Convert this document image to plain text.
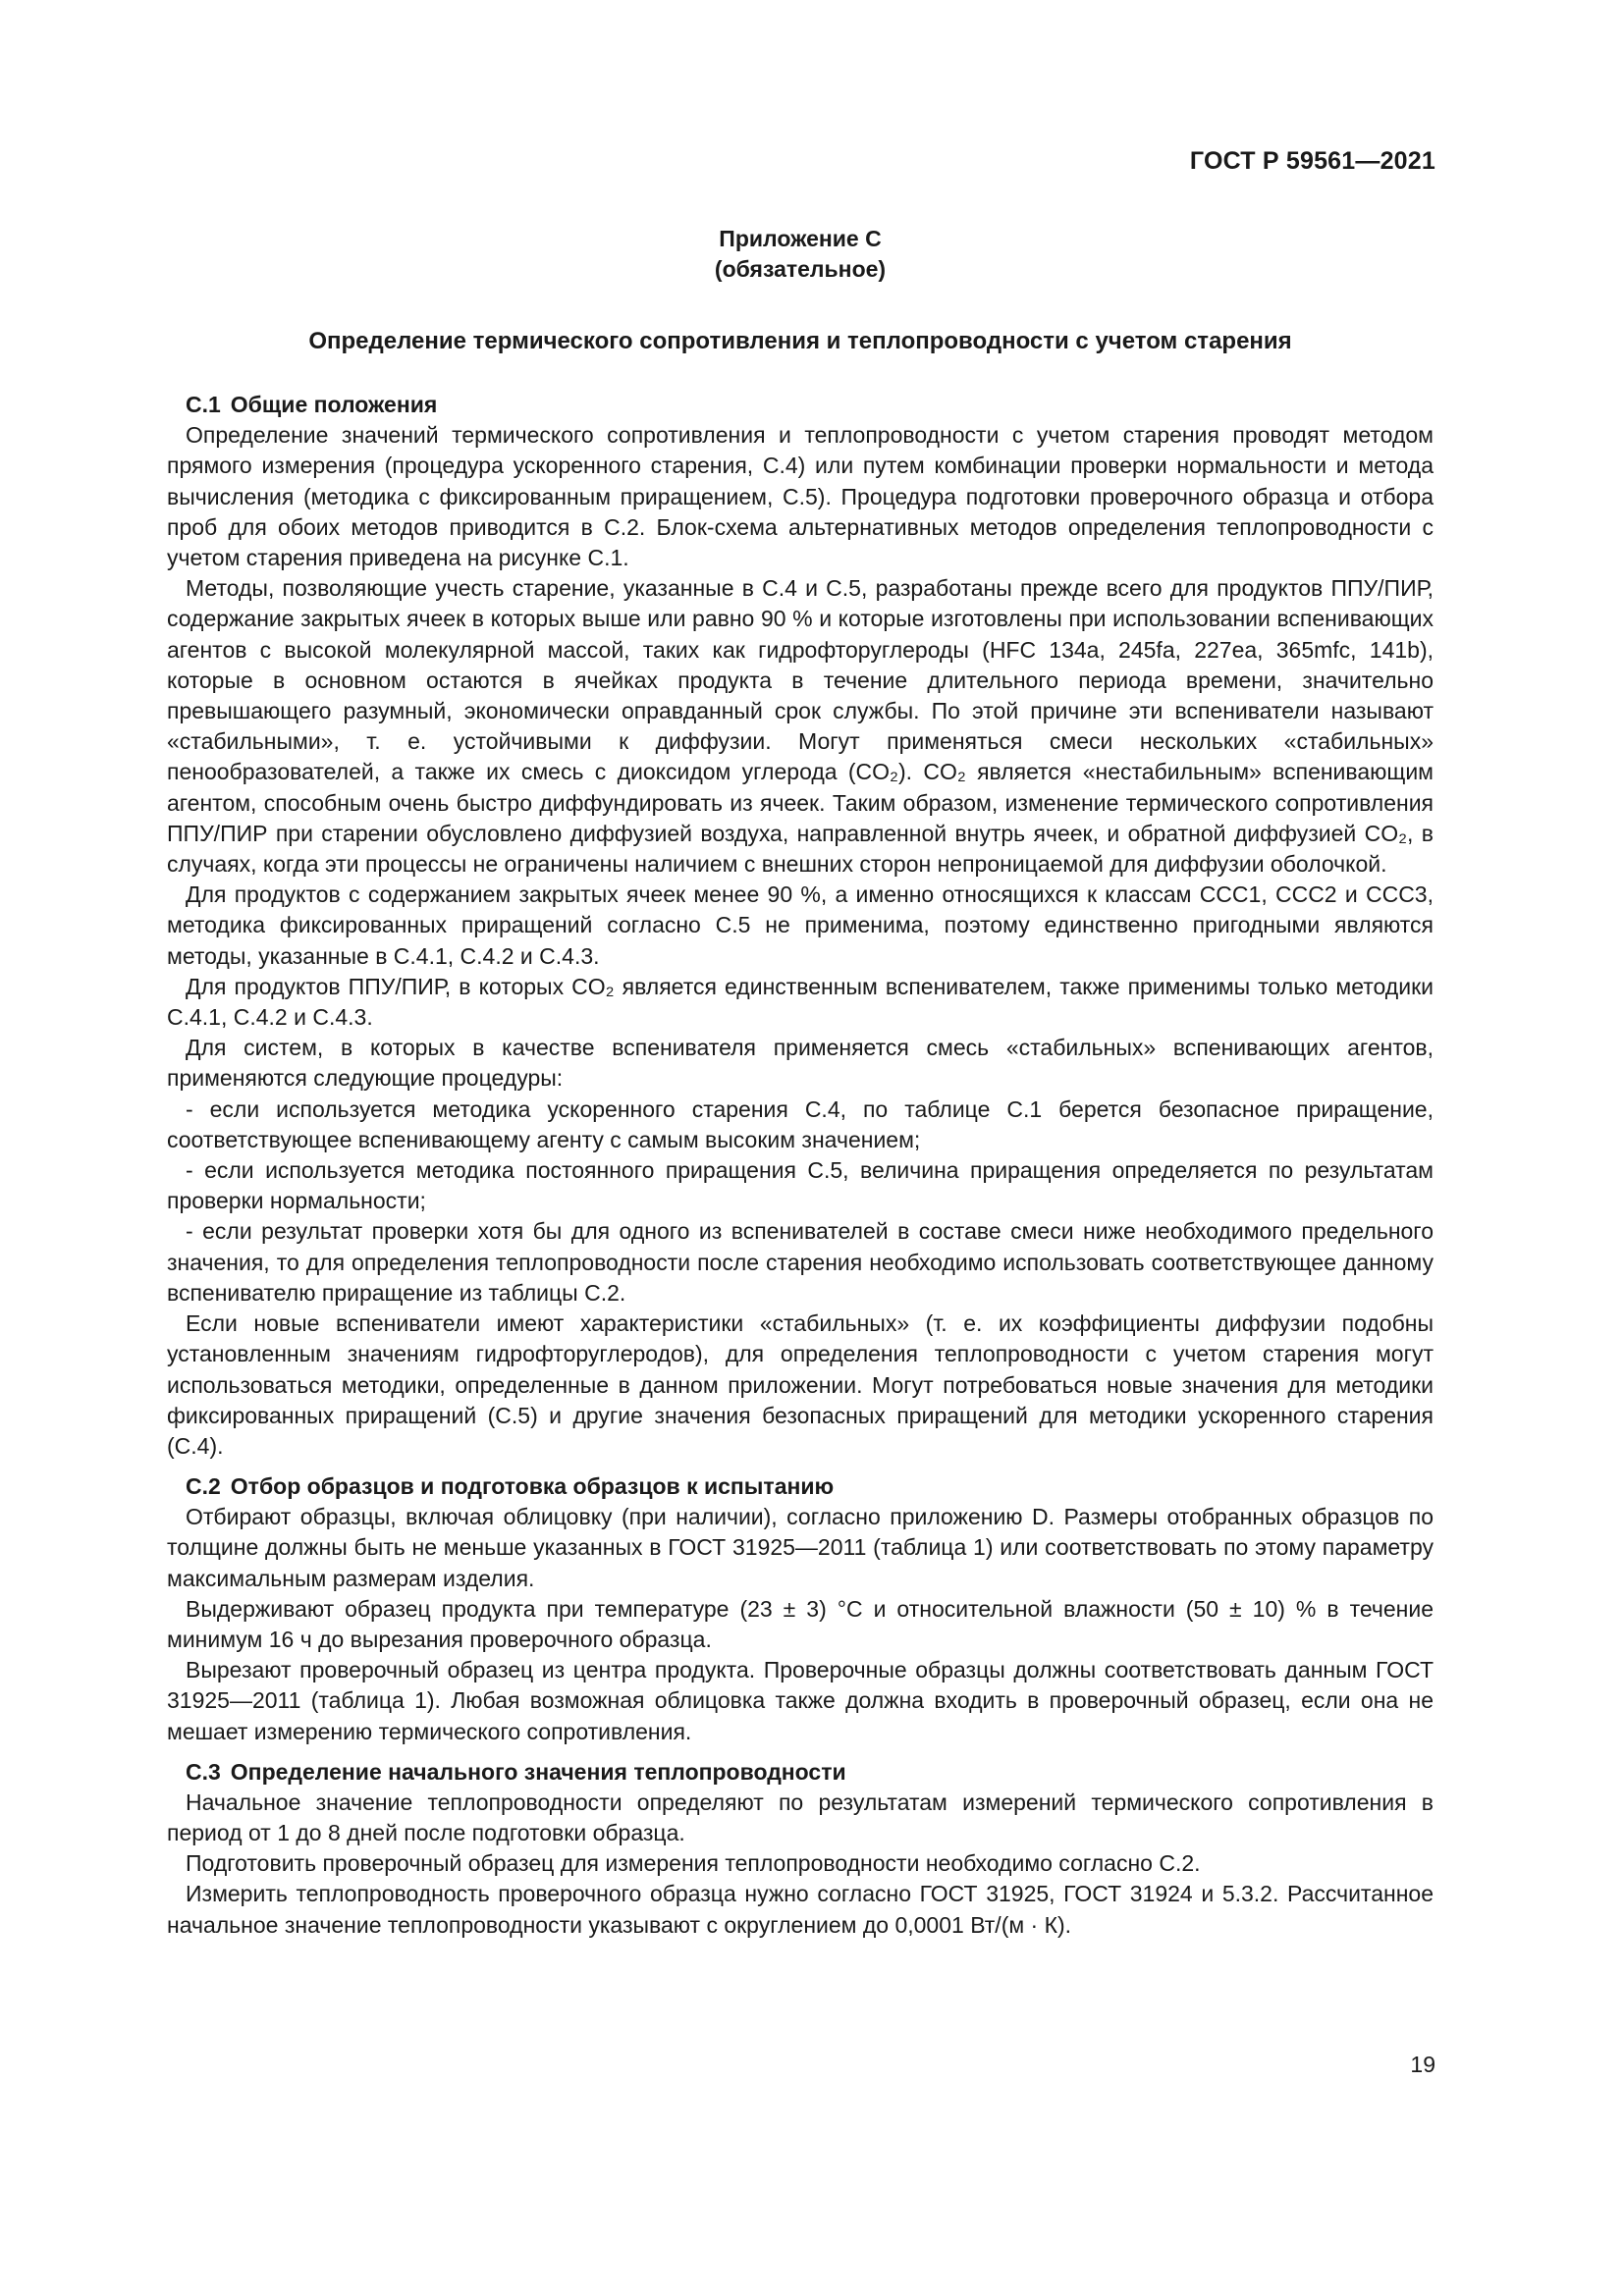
ГОСТ Р 59561—2021
Приложение С
(обязательное)
Определение термического сопротивления и теплопроводности с учетом старения
С.1 Общие положения

Определение значений термического сопротивления и теплопроводности с учетом старения проводят методом прямого измерения (процедура ускоренного старения, С.4) или путем комбинации проверки нормальности и метода вычисления (методика с фиксированным приращением, С.5). Процедура подготовки проверочного образца и отбора проб для обоих методов приводится в С.2. Блок-схема альтернативных методов определения теплопроводности с учетом старения приведена на рисунке С.1.

Методы, позволяющие учесть старение, указанные в С.4 и С.5, разработаны прежде всего для продуктов ППУ/ПИР, содержание закрытых ячеек в которых выше или равно 90 % и которые изготовлены при использовании вспенивающих агентов с высокой молекулярной массой, таких как гидрофторуглероды (HFC 134a, 245fa, 227ea, 365mfc, 141b), которые в основном остаются в ячейках продукта в течение длительного периода времени, значительно превышающего разумный, экономически оправданный срок службы. По этой причине эти вспениватели называют «стабильными», т. е. устойчивыми к диффузии. Могут применяться смеси нескольких «стабильных» пенообразователей, а также их смесь с диоксидом углерода (CO₂). CO₂ является «нестабильным» вспенивающим агентом, способным очень быстро диффундировать из ячеек. Таким образом, изменение термического сопротивления ППУ/ПИР при старении обусловлено диффузией воздуха, направленной внутрь ячеек, и обратной диффузией CO₂, в случаях, когда эти процессы не ограничены наличием с внешних сторон непроницаемой для диффузии оболочкой.

Для продуктов с содержанием закрытых ячеек менее 90 %, а именно относящихся к классам ССС1, ССС2 и ССС3, методика фиксированных приращений согласно С.5 не применима, поэтому единственно пригодными являются методы, указанные в С.4.1, С.4.2 и С.4.3.

Для продуктов ППУ/ПИР, в которых CO₂ является единственным вспенивателем, также применимы только методики С.4.1, С.4.2 и С.4.3.

Для систем, в которых в качестве вспенивателя применяется смесь «стабильных» вспенивающих агентов, применяются следующие процедуры:

- если используется методика ускоренного старения С.4, по таблице С.1 берется безопасное приращение, соответствующее вспенивающему агенту с самым высоким значением;

- если используется методика постоянного приращения С.5, величина приращения определяется по результатам проверки нормальности;

- если результат проверки хотя бы для одного из вспенивателей в составе смеси ниже необходимого предельного значения, то для определения теплопроводности после старения необходимо использовать соответствующее данному вспенивателю приращение из таблицы С.2.

Если новые вспениватели имеют характеристики «стабильных» (т. е. их коэффициенты диффузии подобны установленным значениям гидрофторуглеродов), для определения теплопроводности с учетом старения могут использоваться методики, определенные в данном приложении. Могут потребоваться новые значения для методики фиксированных приращений (С.5) и другие значения безопасных приращений для методики ускоренного старения (С.4).

С.2 Отбор образцов и подготовка образцов к испытанию

Отбирают образцы, включая облицовку (при наличии), согласно приложению D. Размеры отобранных образцов по толщине должны быть не меньше указанных в ГОСТ 31925—2011 (таблица 1) или соответствовать по этому параметру максимальным размерам изделия.

Выдерживают образец продукта при температуре (23 ± 3) °C и относительной влажности (50 ± 10) % в течение минимум 16 ч до вырезания проверочного образца.

Вырезают проверочный образец из центра продукта. Проверочные образцы должны соответствовать данным ГОСТ 31925—2011 (таблица 1). Любая возможная облицовка также должна входить в проверочный образец, если она не мешает измерению термического сопротивления.

С.3 Определение начального значения теплопроводности

Начальное значение теплопроводности определяют по результатам измерений термического сопротивления в период от 1 до 8 дней после подготовки образца.

Подготовить проверочный образец для измерения теплопроводности необходимо согласно С.2.

Измерить теплопроводность проверочного образца нужно согласно ГОСТ 31925, ГОСТ 31924 и 5.3.2. Рассчитанное начальное значение теплопроводности указывают с округлением до 0,0001 Вт/(м · К).

19
